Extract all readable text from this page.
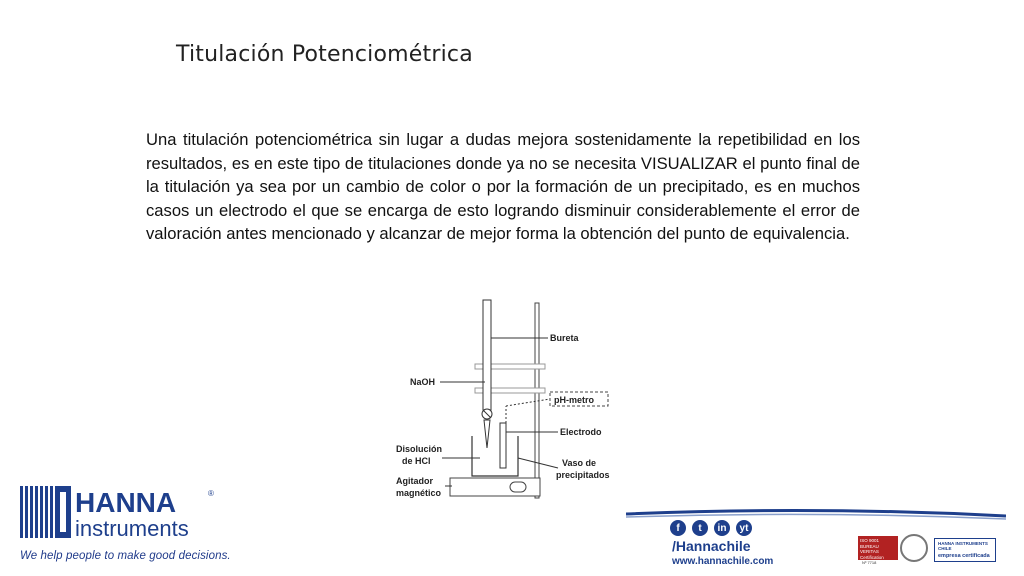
Titulación Potenciométrica
Una titulación potenciométrica sin lugar a dudas mejora sostenidamente la repetibilidad en los resultados, es en este tipo de titulaciones donde ya no se necesita VISUALIZAR el punto final de la titulación ya sea por un cambio de color o por la formación de un precipitado, es en muchos casos un electrodo el que se encarga de esto logrando disminuir considerablemente el error de valoración antes mencionado y alcanzar de mejor forma la obtención del punto de equivalencia.
Bureta
NaOH
pH-metro
Electrodo
Disolución
de HCl	Vaso de
precipitados
Agitador
magnético
HANNA	®
instruments
We help people to make good decisions.
f	t	in	yt
/Hannachile
www.hannachile.com
ISO 9001
BUREAU VERITAS
Certification
Nº 7718
HANNA INSTRUMENTS CHILE
empresa certificada
